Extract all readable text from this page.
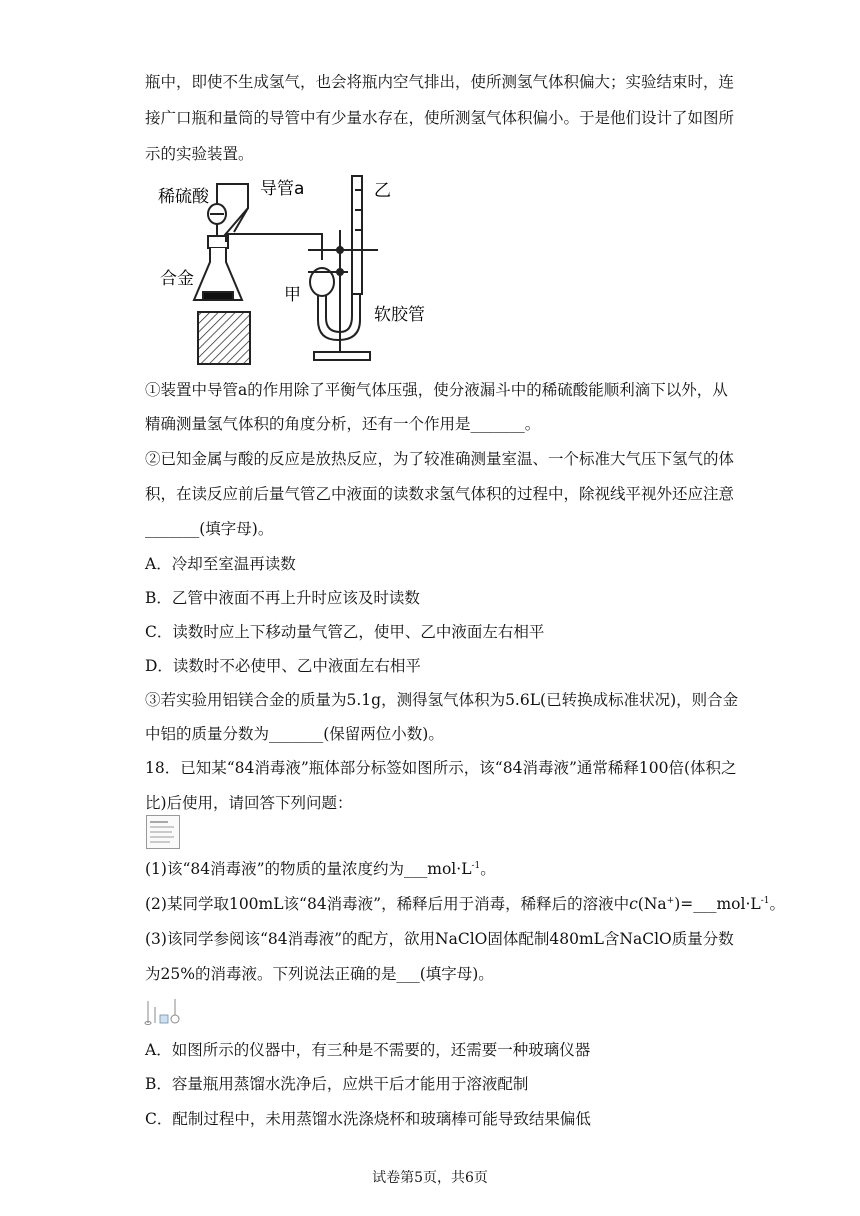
瓶中，即使不生成氢气，也会将瓶内空气排出，使所测氢气体积偏大；实验结束时，连
接广口瓶和量筒的导管中有少量水存在，使所测氢气体积偏小。于是他们设计了如图所
示的实验装置。
稀硫酸	导管a
合金
甲
乙
软胶管
①装置中导管a的作用除了平衡气体压强，使分液漏斗中的稀硫酸能顺利滴下以外，从
精确测量氢气体积的角度分析，还有一个作用是_______。
②已知金属与酸的反应是放热反应，为了较准确测量室温、一个标准大气压下氢气的体
积，在读反应前后量气管乙中液面的读数求氢气体积的过程中，除视线平视外还应注意
_______(填字母)。
A．冷却至室温再读数
B．乙管中液面不再上升时应该及时读数
C．读数时应上下移动量气管乙，使甲、乙中液面左右相平
D．读数时不必使甲、乙中液面左右相平
③若实验用铝镁合金的质量为5.1g，测得氢气体积为5.6L(已转换成标准状况)，则合金
中铝的质量分数为_______(保留两位小数)。
18．已知某“84消毒液”瓶体部分标签如图所示，该“84消毒液”通常稀释100倍(体积之
比)后使用，请回答下列问题：
(1)该“84消毒液”的物质的量浓度约为$\_\_\_mol\cdot L^{-1}$。
(2)某同学取100mL该“84消毒液”，稀释后用于消毒，稀释后的溶液中$c(Na^+)=\_\_\_mol\cdot L^{-1}$。
(3)该同学参阅该“84消毒液”的配方，欲用NaClO固体配制480mL含NaClO质量分数
为25%的消毒液。下列说法正确的是___(填字母)。
A．如图所示的仪器中，有三种是不需要的，还需要一种玻璃仪器
B．容量瓶用蒸馏水洗净后，应烘干后才能用于溶液配制
C．配制过程中，未用蒸馏水洗涤烧杯和玻璃棒可能导致结果偏低
试卷第5页，共6页
